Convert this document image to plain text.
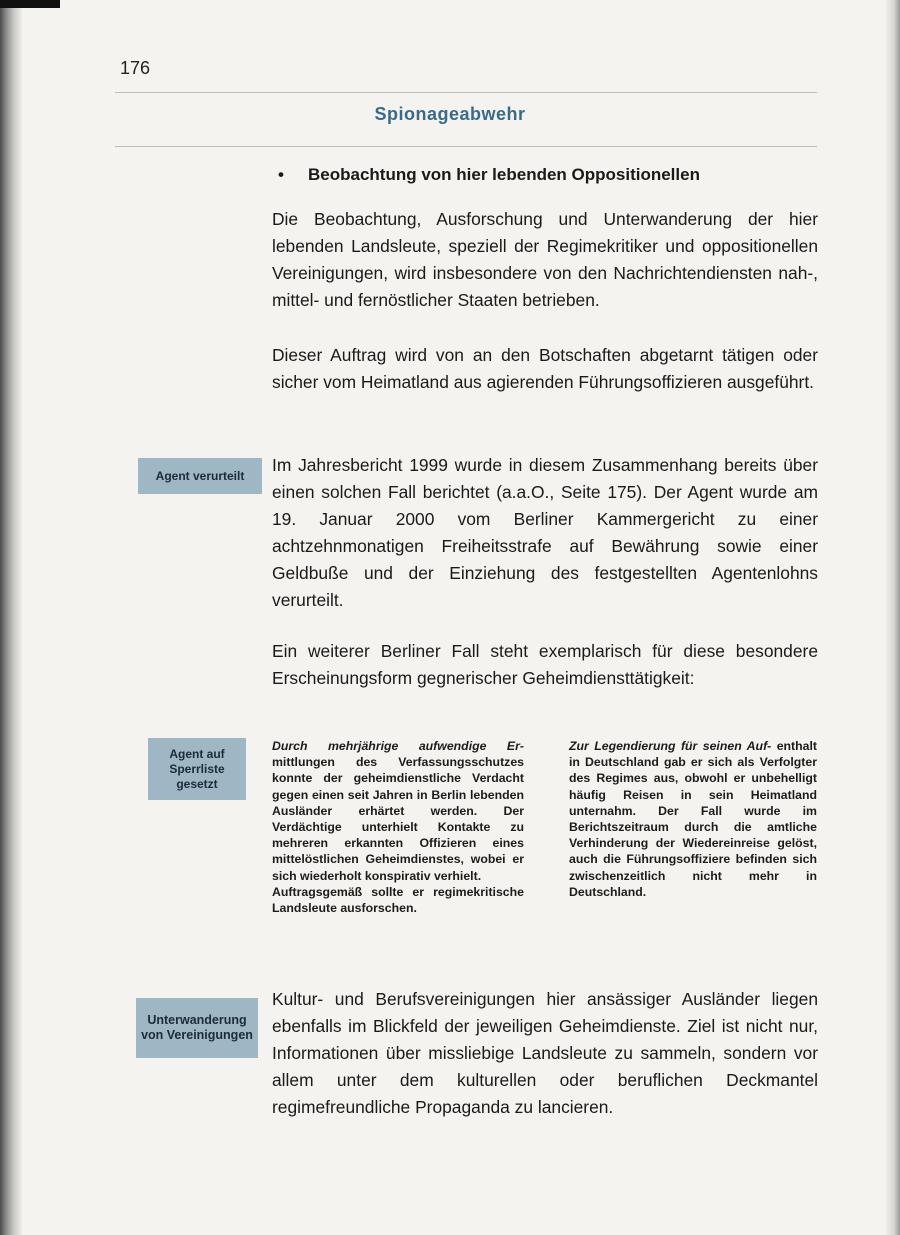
176
Spionageabwehr
• Beobachtung von hier lebenden Oppositionellen
Die Beobachtung, Ausforschung und Unterwanderung der hier lebenden Landsleute, speziell der Regimekritiker und oppositionellen Vereinigungen, wird insbesondere von den Nachrichtendiensten nah-, mittel- und fernöstlicher Staaten betrieben.
Dieser Auftrag wird von an den Botschaften abgetarnt tätigen oder sicher vom Heimatland aus agierenden Führungsoffizieren ausgeführt.
Agent verurteilt
Im Jahresbericht 1999 wurde in diesem Zusammenhang bereits über einen solchen Fall berichtet (a.a.O., Seite 175). Der Agent wurde am 19. Januar 2000 vom Berliner Kammergericht zu einer achtzehnmonatigen Freiheitsstrafe auf Bewährung sowie einer Geldbuße und der Einziehung des festgestellten Agentenlohns verurteilt.
Ein weiterer Berliner Fall steht exemplarisch für diese besondere Erscheinungsform gegnerischer Geheimdiensttätigkeit:
Agent auf Sperrliste gesetzt

Durch mehrjährige aufwendige Er- mittlungen des Verfassungsschutzes konnte der geheimdienstliche Verdacht gegen einen seit Jahren in Berlin lebenden Ausländer erhärtet werden. Der Verdächtige unterhielt Kontakte zu mehreren erkannten Offizieren eines mittelöstlichen Geheimdienstes, wobei er sich wiederholt konspirativ verhielt.

Auftragsgemäß sollte er regimekritische Landsleute ausforschen.

Zur Legendierung für seinen Auf- enthalt in Deutschland gab er sich als Verfolgter des Regimes aus, obwohl er unbehelligt häufig Reisen in sein Heimatland unternahm. Der Fall wurde im Berichtszeitraum durch die amtliche Verhinderung der Wiedereinreise gelöst, auch die Führungsoffiziere befinden sich zwischenzeitlich nicht mehr in Deutschland.

Unterwanderung von Vereinigungen
Kultur- und Berufsvereinigungen hier ansässiger Ausländer liegen ebenfalls im Blickfeld der jeweiligen Geheimdienste. Ziel ist nicht nur, Informationen über missliebige Landsleute zu sammeln, sondern vor allem unter dem kulturellen oder beruflichen Deckmantel regimefreundliche Propaganda zu lancieren.
